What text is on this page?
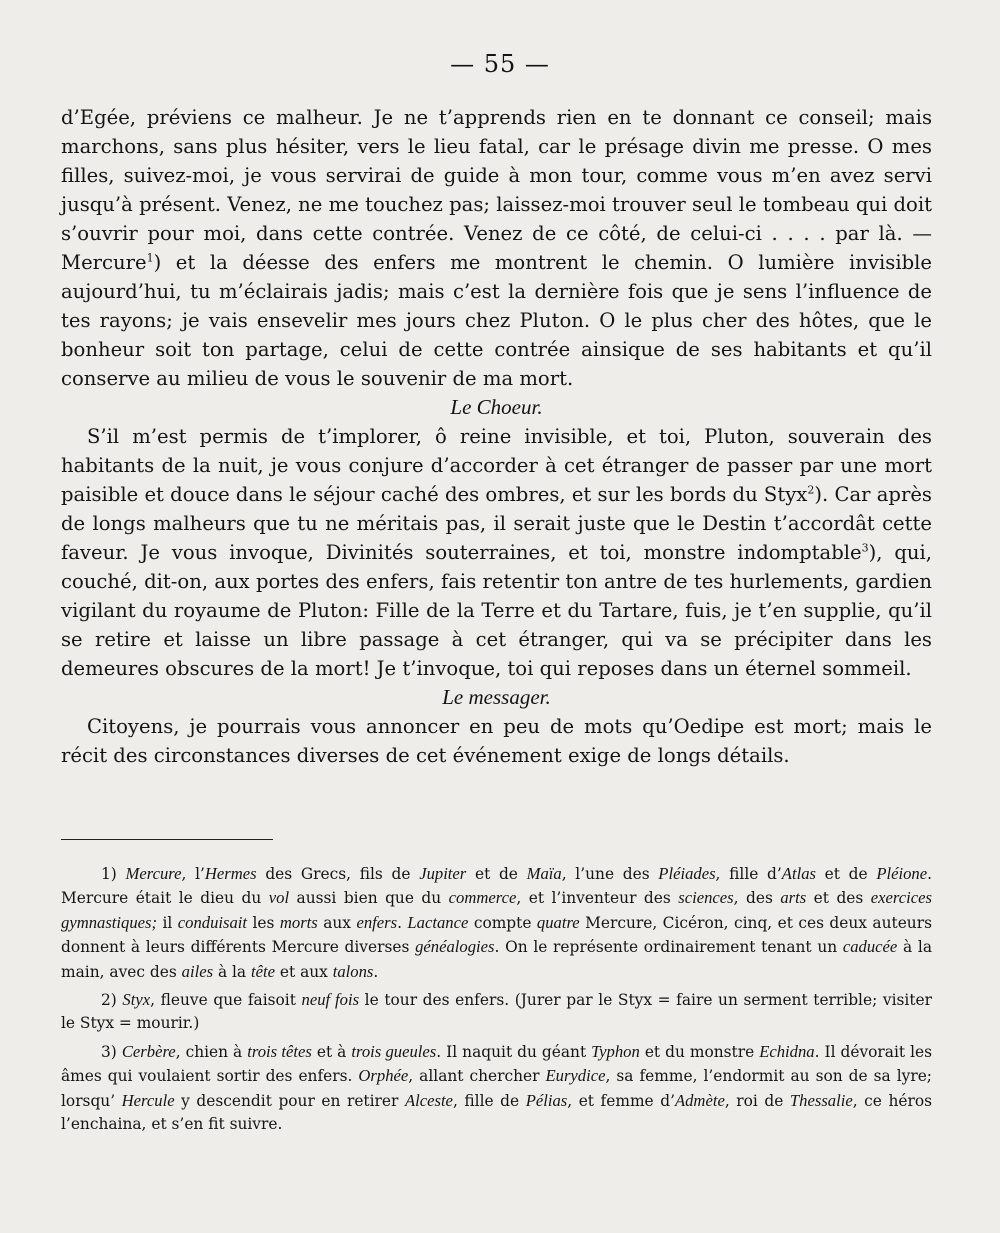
— 55 —

d’Egée, préviens ce malheur. Je ne t’apprends rien en te donnant ce conseil; mais marchons, sans plus hésiter, vers le lieu fatal, car le présage divin me presse. O mes filles, suivez-moi, je vous servirai de guide à mon tour, comme vous m’en avez servi jusqu’à présent. Venez, ne me touchez pas; laissez-moi trouver seul le tombeau qui doit s’ouvrir pour moi, dans cette contrée. Venez de ce côté, de celui-ci . . . . par là. — Mercure$^1$) et la déesse des enfers me montrent le chemin. O lumière invisible aujourd’hui, tu m’éclairais jadis; mais c’est la dernière fois que je sens l’influence de tes rayons; je vais ensevelir mes jours chez Pluton. O le plus cher des hôtes, que le bonheur soit ton partage, celui de cette contrée ainsique de ses habitants et qu’il conserve au milieu de vous le souvenir de ma mort.

Le Choeur.

S’il m’est permis de t’implorer, ô reine invisible, et toi, Pluton, souverain des habitants de la nuit, je vous conjure d’accorder à cet étranger de passer par une mort paisible et douce dans le séjour caché des ombres, et sur les bords du Styx$^2$). Car après de longs malheurs que tu ne méritais pas, il serait juste que le Destin t’accordât cette faveur. Je vous invoque, Divinités souterraines, et toi, monstre indomptable$^3$), qui, couché, dit-on, aux portes des enfers, fais retentir ton antre de tes hurlements, gardien vigilant du royaume de Pluton: Fille de la Terre et du Tartare, fuis, je t’en supplie, qu’il se retire et laisse un libre passage à cet étranger, qui va se précipiter dans les demeures obscures de la mort! Je t’invoque, toi qui reposes dans un éternel sommeil.

Le messager.

Citoyens, je pourrais vous annoncer en peu de mots qu’Oedipe est mort; mais le récit des circonstances diverses de cet événement exige de longs détails.

1) Mercure, l’Hermes des Grecs, fils de Jupiter et de Maïa, l’une des Pléiades, fille d’Atlas et de Pléione. Mercure était le dieu du vol aussi bien que du commerce, et l’inventeur des sciences, des arts et des exercices gymnastiques; il conduisait les morts aux enfers. Lactance compte quatre Mercure, Cicéron, cinq, et ces deux auteurs donnent à leurs différents Mercure diverses généalogies. On le représente ordinairement tenant un caducée à la main, avec des ailes à la tête et aux talons.

2) Styx, fleuve que faisoit neuf fois le tour des enfers. (Jurer par le Styx = faire un serment terrible; visiter le Styx = mourir.)

3) Cerbère, chien à trois têtes et à trois gueules. Il naquit du géant Typhon et du monstre Echidna. Il dévorait les âmes qui voulaient sortir des enfers. Orphée, allant chercher Eurydice, sa femme, l’endormit au son de sa lyre; lorsqu’ Hercule y descendit pour en retirer Alceste, fille de Pélias, et femme d’Admète, roi de Thessalie, ce héros l’enchaina, et s’en fit suivre.
